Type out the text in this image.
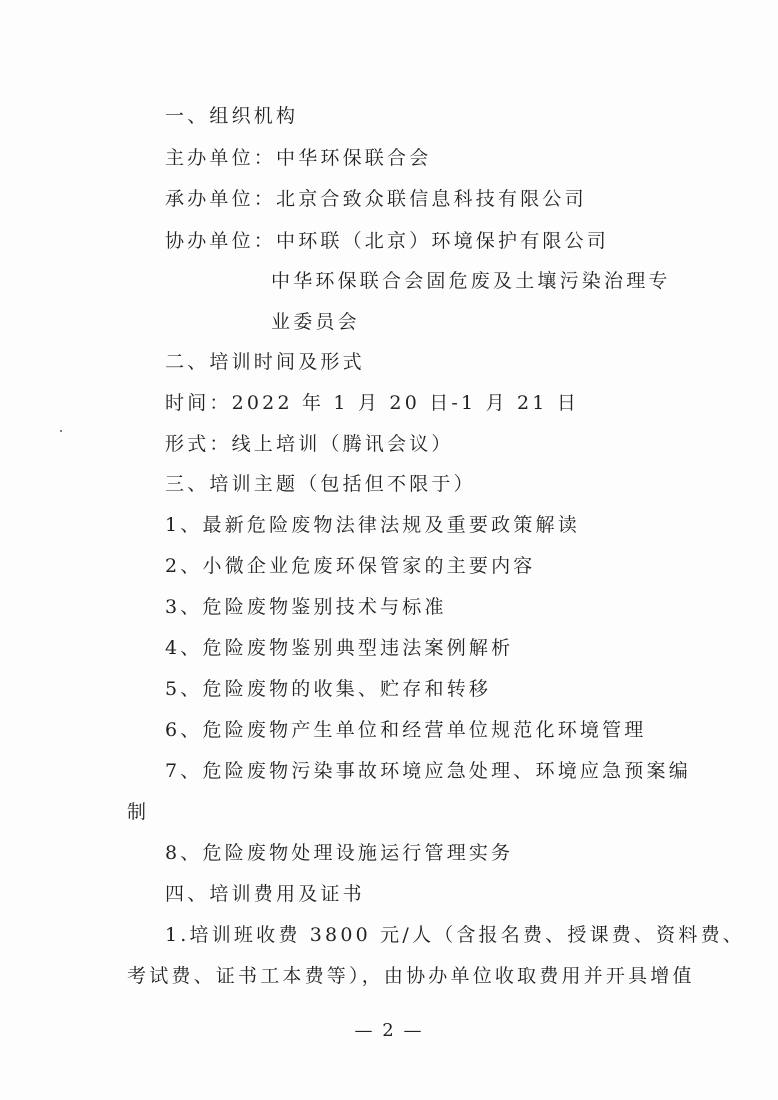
一、组织机构
主办单位：中华环保联合会
承办单位：北京合致众联信息科技有限公司
协办单位：中环联（北京）环境保护有限公司
中华环保联合会固危废及土壤污染治理专
业委员会
二、培训时间及形式
时间：2022 年 1 月 20 日-1 月 21 日
形式：线上培训（腾讯会议）
三、培训主题（包括但不限于）
1、最新危险废物法律法规及重要政策解读
2、小微企业危废环保管家的主要内容
3、危险废物鉴别技术与标准
4、危险废物鉴别典型违法案例解析
5、危险废物的收集、贮存和转移
6、危险废物产生单位和经营单位规范化环境管理
7、危险废物污染事故环境应急处理、环境应急预案编
制
8、危险废物处理设施运行管理实务
四、培训费用及证书
1.培训班收费 3800 元/人（含报名费、授课费、资料费、
考试费、证书工本费等），由协办单位收取费用并开具增值
— 2 —
